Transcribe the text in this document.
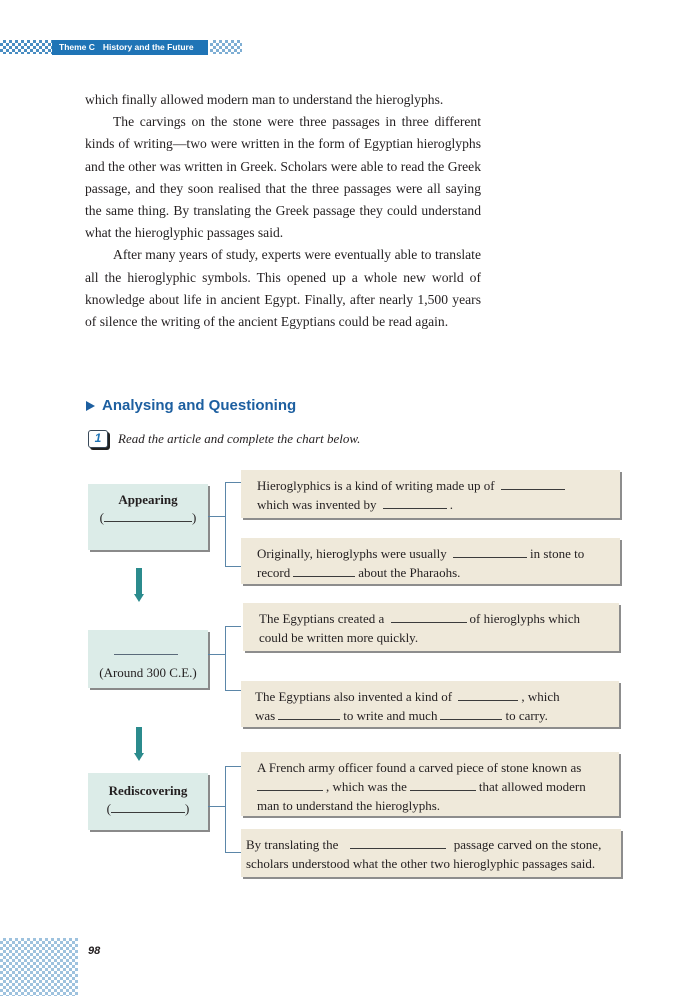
Theme C History and the Future

which finally allowed modern man to understand the hieroglyphs.

The carvings on the stone were three passages in three different kinds of writing—two were written in the form of Egyptian hieroglyphs and the other was written in Greek. Scholars were able to read the Greek passage, and they soon realised that the three passages were all saying the same thing. By translating the Greek passage they could understand what the hieroglyphic passages said.

After many years of study, experts were eventually able to translate all the hieroglyphic symbols. This opened up a whole new world of knowledge about life in ancient Egypt. Finally, after nearly 1,500 years of silence the writing of the ancient Egyptians could be read again.

Analysing and Questioning
1	Read the article and complete the chart below.
Appearing
(	)
Hieroglyphics is a kind of writing made up of
which was invented by	.
Originally, hieroglyphs were usually	in stone to
record	about the Pharaohs.
(Around 300 C.E.)
The Egyptians created a	of hieroglyphs which
could be written more quickly.
The Egyptians also invented a kind of	, which
was	to write and much	to carry.
Rediscovering
(	)
A French army officer found a carved piece of stone known as
, which was the	that allowed modern
man to understand the hieroglyphs.
By translating the	passage carved on the stone,
scholars understood what the other two hieroglyphic passages said.
98
